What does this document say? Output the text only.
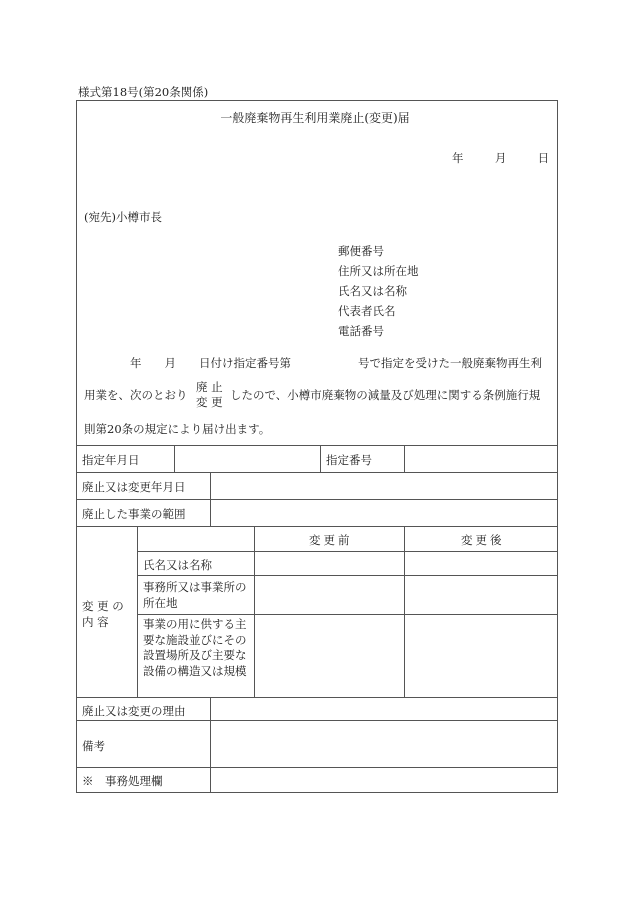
様式第18号(第20条関係)
一般廃棄物再生利用業廃止(変更)届
年	月	日
(宛先)小樽市長
郵便番号
住所又は所在地
氏名又は名称
代表者氏名
電話番号
年　　月　　日付け指定番号第	号で指定を受けた一般廃棄物再生利
用業を、次のとおり
廃 止
変 更 したので、小樽市廃棄物の減量及び処理に関する条例施行規
則第20条の規定により届け出ます。
指定年月日	指定番号
廃止又は変更年月日
廃止した事業の範囲
変更前	変更後
変 更 の
内 容
氏名又は名称
事務所又は事業所の所在地
事業の用に供する主要な施設並びにその設置場所及び主要な設備の構造又は規模
廃止又は変更の理由
備考
※　事務処理欄
